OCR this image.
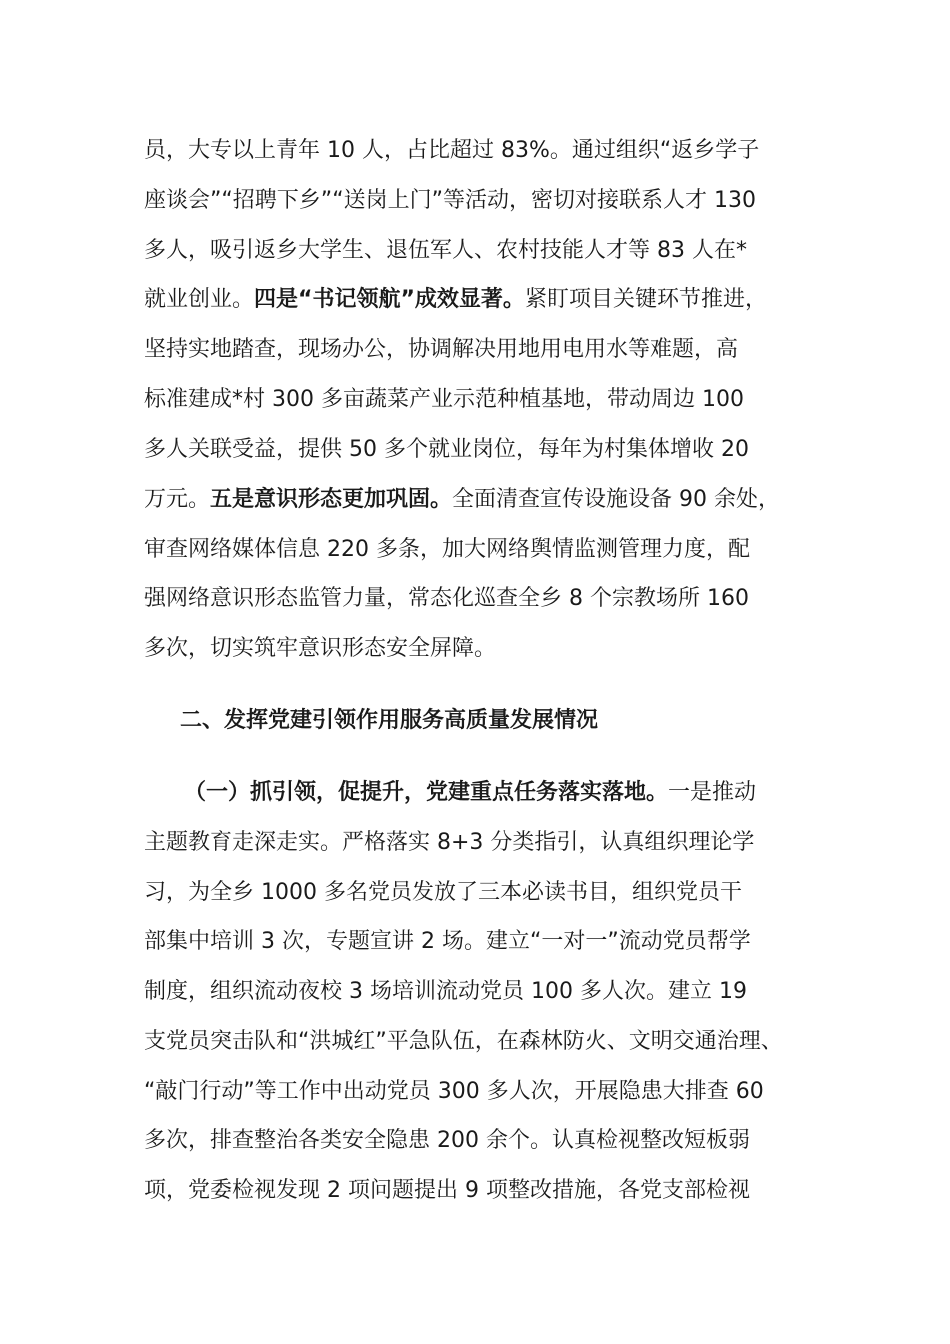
员，大专以上青年 10 人，占比超过 83%。通过组织“返乡学子
座谈会”“招聘下乡”“送岗上门”等活动，密切对接联系人才 130
多人，吸引返乡大学生、退伍军人、农村技能人才等 83 人在*
就业创业。四是“书记领航”成效显著。紧盯项目关键环节推进，
坚持实地踏查，现场办公，协调解决用地用电用水等难题，高
标准建成*村 300 多亩蔬菜产业示范种植基地，带动周边 100
多人关联受益，提供 50 多个就业岗位，每年为村集体增收 20
万元。五是意识形态更加巩固。全面清查宣传设施设备 90 余处，
审查网络媒体信息 220 多条，加大网络舆情监测管理力度，配
强网络意识形态监管力量，常态化巡查全乡 8 个宗教场所 160
多次，切实筑牢意识形态安全屏障。
二、发挥党建引领作用服务高质量发展情况
（一）抓引领，促提升，党建重点任务落实落地。一是推动
主题教育走深走实。严格落实 8+3 分类指引，认真组织理论学
习，为全乡 1000 多名党员发放了三本必读书目，组织党员干
部集中培训 3 次，专题宣讲 2 场。建立“一对一”流动党员帮学
制度，组织流动夜校 3 场培训流动党员 100 多人次。建立 19
支党员突击队和“洪城红”平急队伍，在森林防火、文明交通治理、
“敲门行动”等工作中出动党员 300 多人次，开展隐患大排查 60
多次，排查整治各类安全隐患 200 余个。认真检视整改短板弱
项，党委检视发现 2 项问题提出 9 项整改措施，各党支部检视
